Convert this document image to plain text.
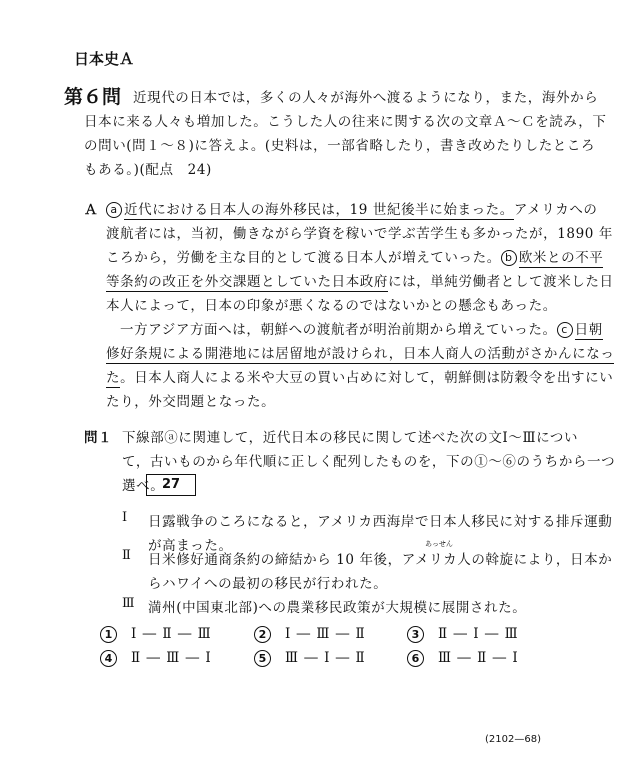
日本史Ａ
第６問 近現代の日本では，多くの人々が海外へ渡るようになり，また，海外から
日本に来る人々も増加した。こうした人の往来に関する次の文章Ａ～Ｃを読み，下
の問い(問１～８)に答えよ。(史料は，一部省略したり，書き改めたりしたところ
もある。)(配点　24)
Ａ	a 近代における日本人の海外移民は，19 世紀後半に始まった。アメリカへの
渡航者には，当初，働きながら学資を稼いで学ぶ苦学生も多かったが，1890 年
ころから，労働を主な目的として渡る日本人が増えていった。 b 欧米との不平
等条約の改正を外交課題としていた日本政府には，単純労働者として渡米した日
本人によって，日本の印象が悪くなるのではないかとの懸念もあった。
一方アジア方面へは，朝鮮への渡航者が明治前期から増えていった。 c 日朝
修好条規による開港地には居留地が設けられ，日本人商人の活動がさかんになっ
た。日本人商人による米や大豆の買い占めに対して，朝鮮側は防穀令を出すにい
たり，外交問題となった。
問１ 下線部ⓐに関連して，近代日本の移民に関して述べた次の文Ⅰ～Ⅲについ
て，古いものから年代順に正しく配列したものを，下の①～⑥のうちから一つ
選べ。
27
Ⅰ 日露戦争のころになると，アメリカ西海岸で日本人移民に対する排斥運動
が高まった。	あっせん
Ⅱ 日米修好通商条約の締結から 10 年後，アメリカ人の斡旋により，日本か
らハワイへの最初の移民が行われた。
Ⅲ 満州(中国東北部)への農業移民政策が大規模に展開された。
1 Ⅰ ― Ⅱ ― Ⅲ	2 Ⅰ ― Ⅲ ― Ⅱ	3 Ⅱ ― Ⅰ ― Ⅲ
4 Ⅱ ― Ⅲ ― Ⅰ	5 Ⅲ ― Ⅰ ― Ⅱ	6 Ⅲ ― Ⅱ ― Ⅰ
(2102—68)
